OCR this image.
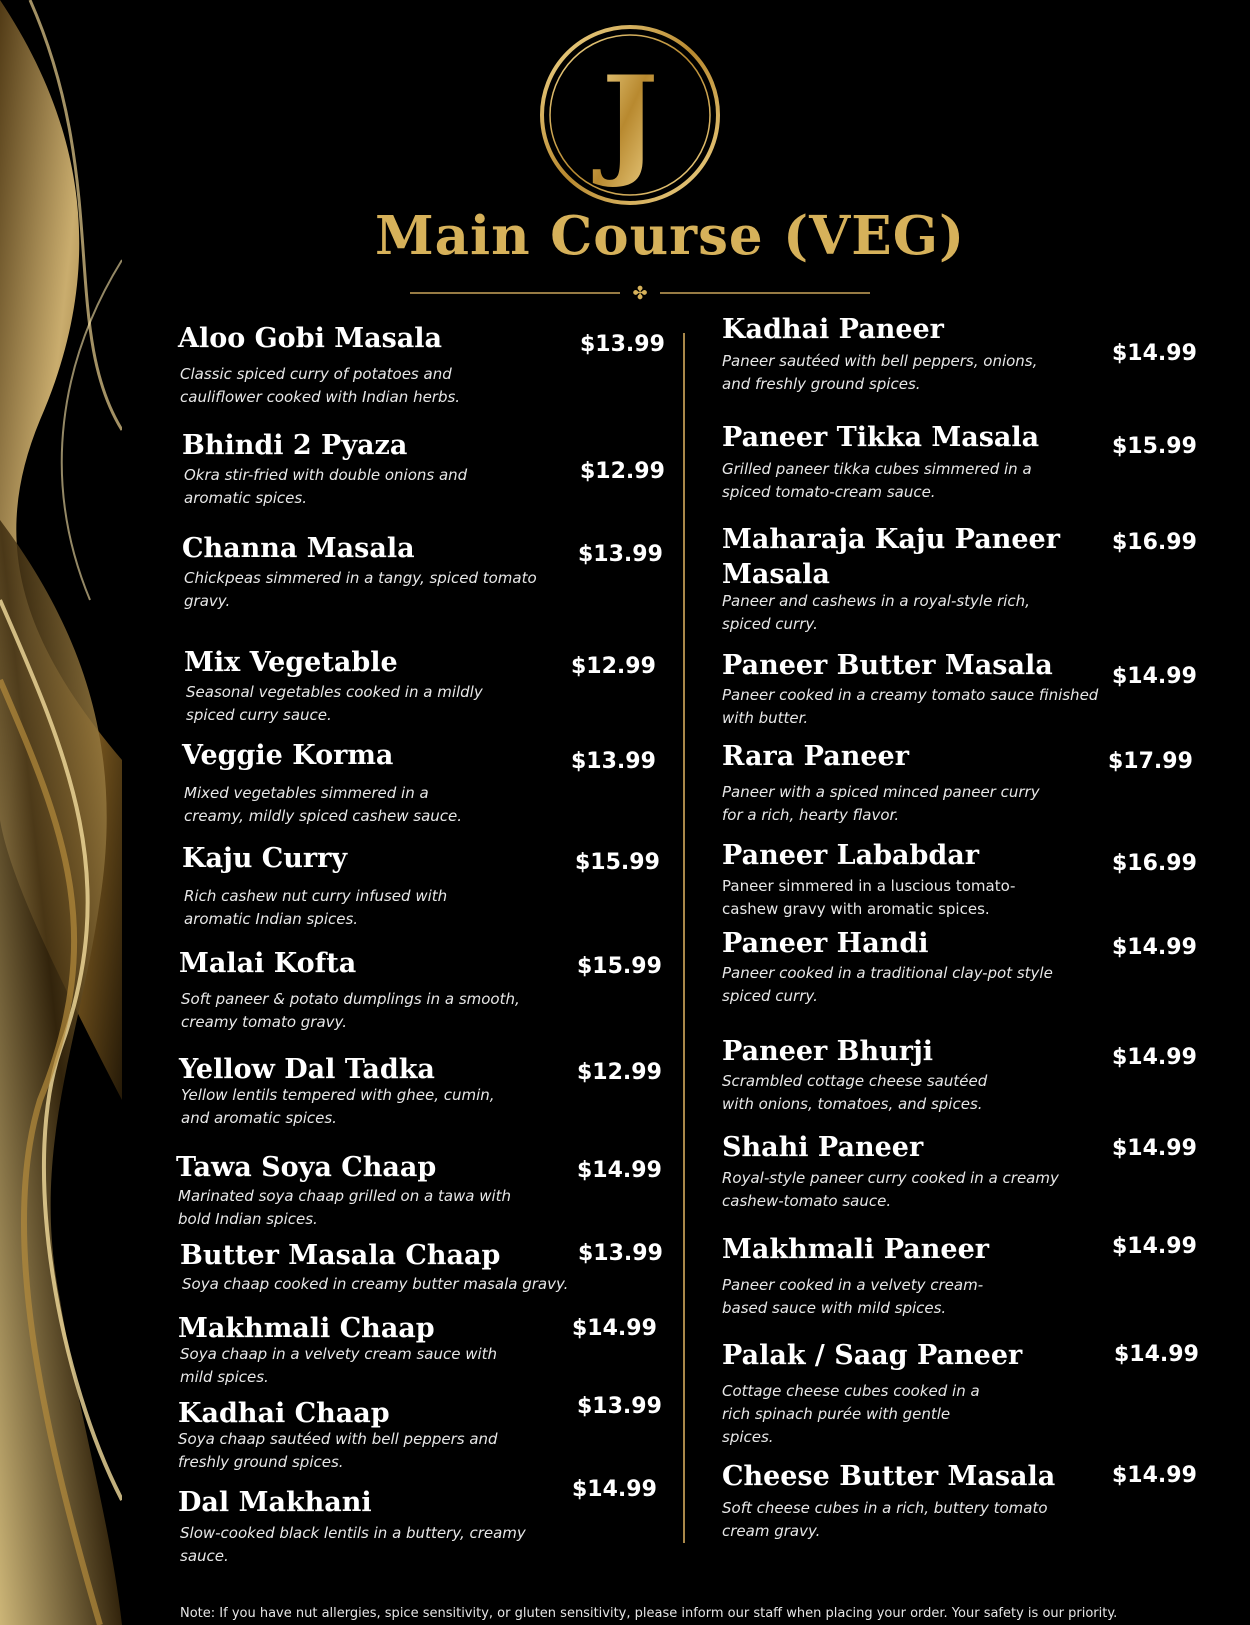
J
Main Course (VEG)
✤
Aloo Gobi Masala	$13.99
Classic spiced curry of potatoes and cauliflower cooked with Indian herbs.
Bhindi 2 Pyaza
$12.99
Okra stir-fried with double onions and aromatic spices.
Channa Masala	$13.99
Chickpeas simmered in a tangy, spiced tomato gravy.
Mix Vegetable	$12.99
Seasonal vegetables cooked in a mildly spiced curry sauce.
Veggie Korma	$13.99
Mixed vegetables simmered in a creamy, mildly spiced cashew sauce.
Kaju Curry	$15.99
Rich cashew nut curry infused with aromatic Indian spices.
Malai Kofta	$15.99
Soft paneer & potato dumplings in a smooth, creamy tomato gravy.
Yellow Dal Tadka	$12.99
Yellow lentils tempered with ghee, cumin, and aromatic spices.
Tawa Soya Chaap	$14.99
Marinated soya chaap grilled on a tawa with bold Indian spices.
Butter Masala Chaap	$13.99
Soya chaap cooked in creamy butter masala gravy.
Makhmali Chaap	$14.99
Soya chaap in a velvety cream sauce with mild spices.
Kadhai Chaap	$13.99
Soya chaap sautéed with bell peppers and freshly ground spices.
Dal Makhani	$14.99
Slow-cooked black lentils in a buttery, creamy sauce.
Kadhai Paneer
$14.99
Paneer sautéed with bell peppers, onions, and freshly ground spices.
Paneer Tikka Masala	$15.99
Grilled paneer tikka cubes simmered in a spiced tomato-cream sauce.
Maharaja Kaju Paneer Masala
$16.99
Paneer and cashews in a royal-style rich, spiced curry.
Paneer Butter Masala	$14.99
Paneer cooked in a creamy tomato sauce finished with butter.
Rara Paneer	$17.99
Paneer with a spiced minced paneer curry for a rich, hearty flavor.
Paneer Lababdar	$16.99
Paneer simmered in a luscious tomato-cashew gravy with aromatic spices.
Paneer Handi	$14.99
Paneer cooked in a traditional clay-pot style spiced curry.
Paneer Bhurji	$14.99
Scrambled cottage cheese sautéed with onions, tomatoes, and spices.
Shahi Paneer	$14.99
Royal-style paneer curry cooked in a creamy cashew-tomato sauce.
Makhmali Paneer	$14.99
Paneer cooked in a velvety cream-based sauce with mild spices.
Palak / Saag Paneer	$14.99
Cottage cheese cubes cooked in a rich spinach purée with gentle spices.
Cheese Butter Masala	$14.99
Soft cheese cubes in a rich, buttery tomato cream gravy.
Note: If you have nut allergies, spice sensitivity, or gluten sensitivity, please inform our staff when placing your order. Your safety is our priority.
